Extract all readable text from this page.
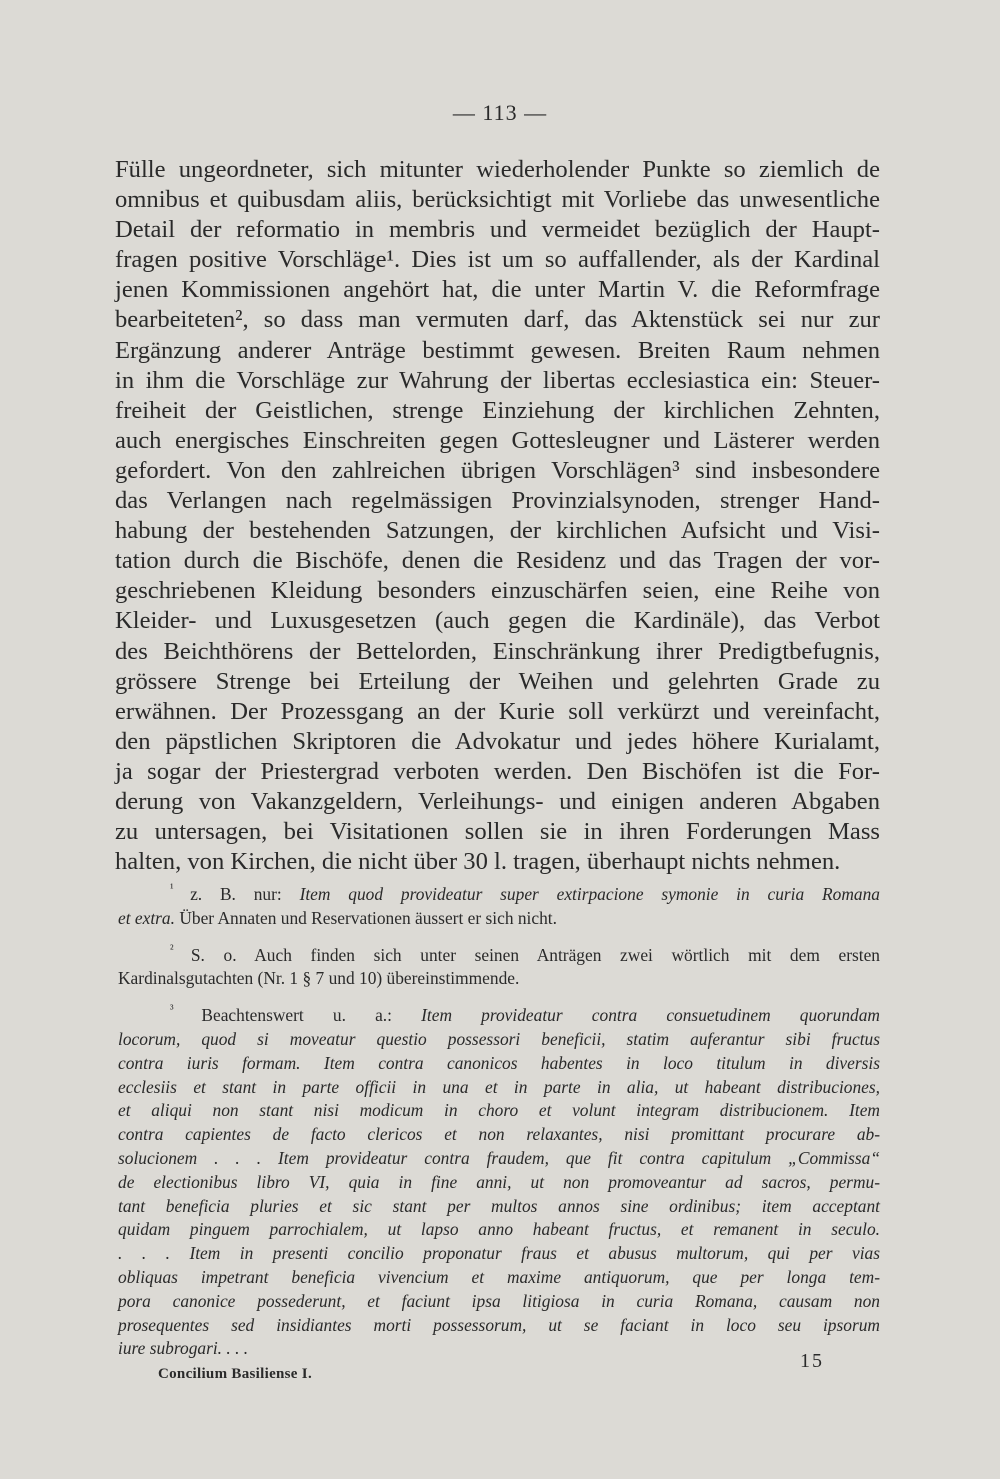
— 113 —
Fülle ungeordneter, sich mitunter wiederholender Punkte so ziemlich de
omnibus et quibusdam aliis, berücksichtigt mit Vorliebe das unwesentliche
Detail der reformatio in membris und vermeidet bezüglich der Haupt-
fragen positive Vorschläge¹. Dies ist um so auffallender, als der Kardinal
jenen Kommissionen angehört hat, die unter Martin V. die Reformfrage
bearbeiteten², so dass man vermuten darf, das Aktenstück sei nur zur
Ergänzung anderer Anträge bestimmt gewesen. Breiten Raum nehmen
in ihm die Vorschläge zur Wahrung der libertas ecclesiastica ein: Steuer-
freiheit der Geistlichen, strenge Einziehung der kirchlichen Zehnten,
auch energisches Einschreiten gegen Gottesleugner und Lästerer werden
gefordert. Von den zahlreichen übrigen Vorschlägen³ sind insbesondere
das Verlangen nach regelmässigen Provinzialsynoden, strenger Hand-
habung der bestehenden Satzungen, der kirchlichen Aufsicht und Visi-
tation durch die Bischöfe, denen die Residenz und das Tragen der vor-
geschriebenen Kleidung besonders einzuschärfen seien, eine Reihe von
Kleider- und Luxusgesetzen (auch gegen die Kardinäle), das Verbot
des Beichthörens der Bettelorden, Einschränkung ihrer Predigtbefugnis,
grössere Strenge bei Erteilung der Weihen und gelehrten Grade zu
erwähnen. Der Prozessgang an der Kurie soll verkürzt und vereinfacht,
den päpstlichen Skriptoren die Advokatur und jedes höhere Kurialamt,
ja sogar der Priestergrad verboten werden. Den Bischöfen ist die For-
derung von Vakanzgeldern, Verleihungs- und einigen anderen Abgaben
zu untersagen, bei Visitationen sollen sie in ihren Forderungen Mass
halten, von Kirchen, die nicht über 30 l. tragen, überhaupt nichts nehmen.
$^{^1}$ z. B. nur: Item quod provideatur super extirpacione symonie in curia Romana
et extra. Über Annaten und Reservationen äussert er sich nicht.
$^{^2}$ S. o. Auch finden sich unter seinen Anträgen zwei wörtlich mit dem ersten
Kardinalsgutachten (Nr. 1 § 7 und 10) übereinstimmende.
$^{^3}$ Beachtenswert u. a.: Item provideatur contra consuetudinem quorundam
locorum, quod si moveatur questio possessori beneficii, statim auferantur sibi fructus
contra iuris formam. Item contra canonicos habentes in loco titulum in diversis
ecclesiis et stant in parte officii in una et in parte in alia, ut habeant distribuciones,
et aliqui non stant nisi modicum in choro et volunt integram distribucionem. Item
contra capientes de facto clericos et non relaxantes, nisi promittant procurare ab-
solucionem . . . Item provideatur contra fraudem, que fit contra capitulum „Commissa“
de electionibus libro VI, quia in fine anni, ut non promoveantur ad sacros, permu-
tant beneficia pluries et sic stant per multos annos sine ordinibus; item acceptant
quidam pinguem parrochialem, ut lapso anno habeant fructus, et remanent in seculo.
. . . Item in presenti concilio proponatur fraus et abusus multorum, qui per vias
obliquas impetrant beneficia vivencium et maxime antiquorum, que per longa tem-
pora canonice possederunt, et faciunt ipsa litigiosa in curia Romana, causam non
prosequentes sed insidiantes morti possessorum, ut se faciant in loco seu ipsorum
iure subrogari. . . .
Concilium Basiliense I.
15
